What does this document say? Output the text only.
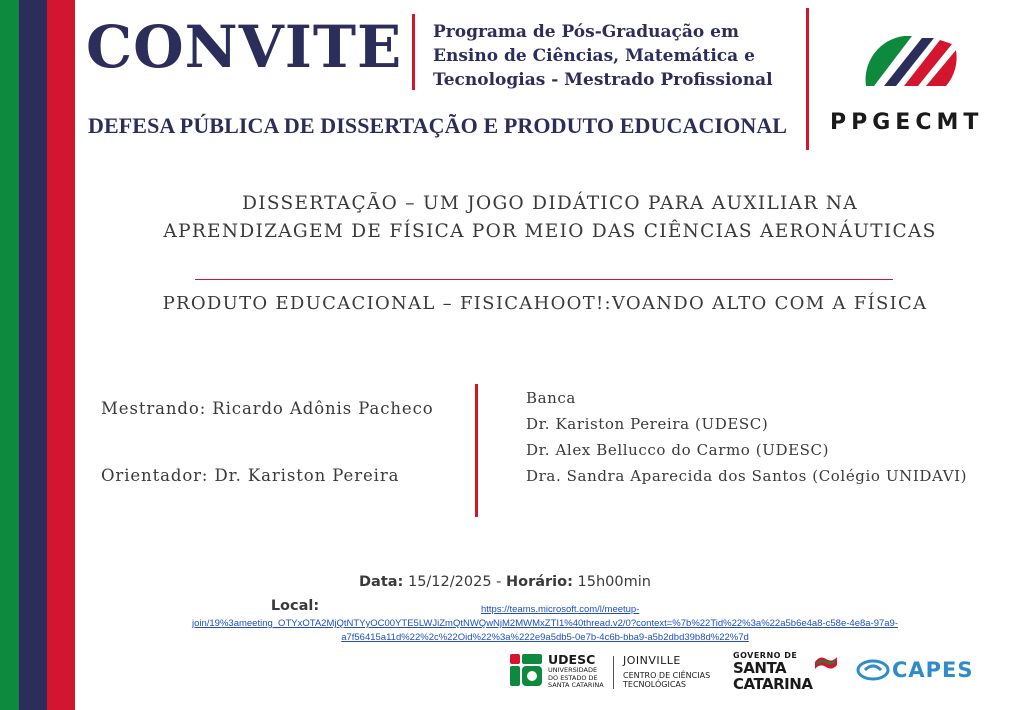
CONVITE Programa de Pós-Graduação em
Ensino de Ciências, Matemática e
Tecnologias - Mestrado Profissional
DEFESA PÚBLICA DE DISSERTAÇÃO E PRODUTO EDUCACIONAL PPGECMT
DISSERTAÇÃO – UM JOGO DIDÁTICO PARA AUXILIAR NA
APRENDIZAGEM DE FÍSICA POR MEIO DAS CIÊNCIAS AERONÁUTICAS
PRODUTO EDUCACIONAL – FISICAHOOT!:VOANDO ALTO COM A FÍSICA
Mestrando: Ricardo Adônis Pacheco
Orientador: Dr. Kariston Pereira
Banca
Dr. Kariston Pereira (UDESC)
Dr. Alex Bellucco do Carmo (UDESC)
Dra. Sandra Aparecida dos Santos (Colégio UNIDAVI)
Data: 15/12/2025 - Horário: 15h00min
Local:	https://teams.microsoft.com/l/meetup-
join/19%3ameeting_OTYxOTA2MjQtNTYyOC00YTE5LWJiZmQtNWQwNjM2MWMxZTI1%40thread.v2/0?context=%7b%22Tid%22%3a%22a5b6e4a8-c58e-4e8a-97a9-
a7f56415a11d%22%2c%22Oid%22%3a%222e9a5db5-0e7b-4c6b-bba9-a5b2dbd39b8d%22%7d
UDESC
UNIVERSIDADE
DO ESTADO DE
SANTA CATARINA
JOINVILLE
CENTRO DE CIÊNCIAS
TECNOLÓGICAS
GOVERNO DE
SANTA
CATARINA
CAPES
